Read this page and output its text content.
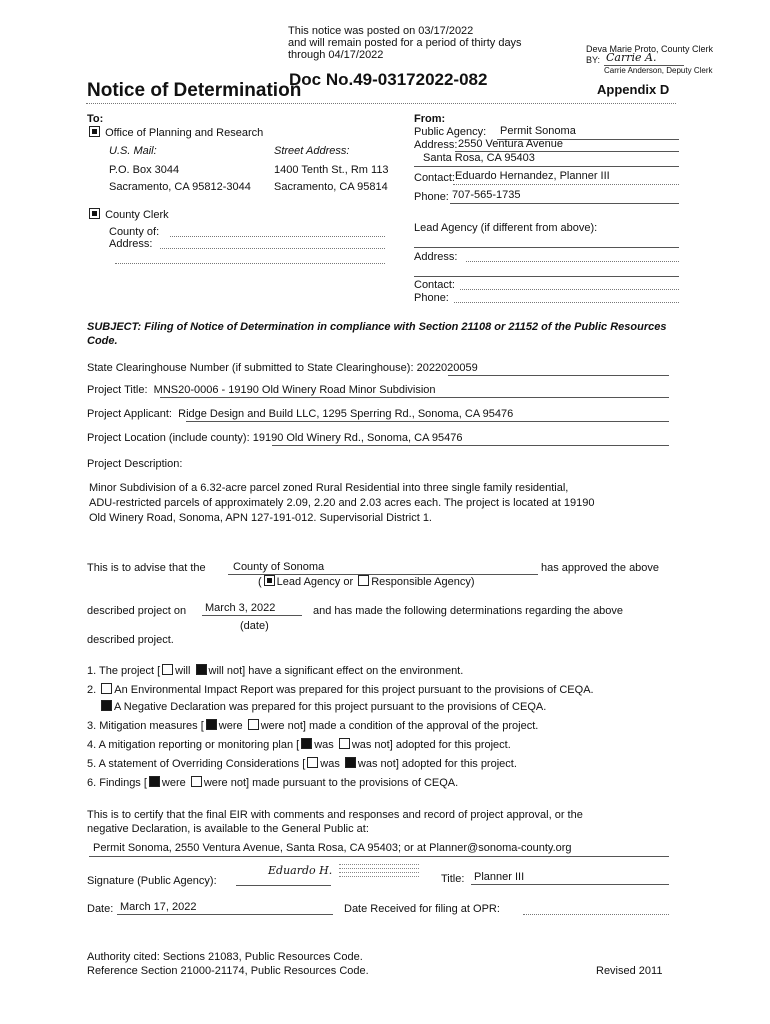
This notice was posted on 03/17/2022
and will remain posted for a period of thirty days
through 04/17/2022
Notice of Determination
Doc No.49-03172022-082
Deva Marie Proto, County Clerk
BY: Carrie A.
Carrie Anderson, Deputy Clerk
Appendix D
To:
Office of Planning and Research
U.S. Mail:	Street Address:
P.O. Box 3044	1400 Tenth St., Rm 113
Sacramento, CA 95812-3044 Sacramento, CA 95814
County Clerk
County of:
Address:
From:
Public Agency: Permit Sonoma
Address: 2550 Ventura Avenue
Santa Rosa, CA 95403
Contact: Eduardo Hernandez, Planner III
Phone: 707-565-1735
Lead Agency (if different from above):
Address:
Contact:
Phone:
SUBJECT: Filing of Notice of Determination in compliance with Section 21108 or 21152 of the Public Resources Code.
State Clearinghouse Number (if submitted to State Clearinghouse): 2022020059
Project Title: MNS20-0006 - 19190 Old Winery Road Minor Subdivision
Project Applicant: Ridge Design and Build LLC, 1295 Sperring Rd., Sonoma, CA 95476
Project Location (include county): 19190 Old Winery Rd., Sonoma, CA 95476
Project Description:
Minor Subdivision of a 6.32-acre parcel zoned Rural Residential into three single family residential,
ADU-restricted parcels of approximately 2.09, 2.20 and 2.03 acres each. The project is located at 19190
Old Winery Road, Sonoma, APN 127-191-012. Supervisorial District 1.
This is to advise that the County of Sonoma	has approved the above
( Lead Agency or Responsible Agency)
described project on March 3, 2022
(date)
and has made the following determinations regarding the above
described project.
1. The project [ will will not] have a significant effect on the environment.
2. An Environmental Impact Report was prepared for this project pursuant to the provisions of CEQA.
A Negative Declaration was prepared for this project pursuant to the provisions of CEQA.
3. Mitigation measures [ were were not] made a condition of the approval of the project.
4. A mitigation reporting or monitoring plan [ was was not] adopted for this project.
5. A statement of Overriding Considerations [ was was not] adopted for this project.
6. Findings [ were were not] made pursuant to the provisions of CEQA.
This is to certify that the final EIR with comments and responses and record of project approval, or the
negative Declaration, is available to the General Public at:
Permit Sonoma, 2550 Ventura Avenue, Santa Rosa, CA 95403; or at Planner@sonoma-county.org
Signature (Public Agency):
Eduardo H.
Title: Planner III
Date: March 17, 2022	Date Received for filing at OPR:
Authority cited: Sections 21083, Public Resources Code.
Reference Section 21000-21174, Public Resources Code.	Revised 2011
